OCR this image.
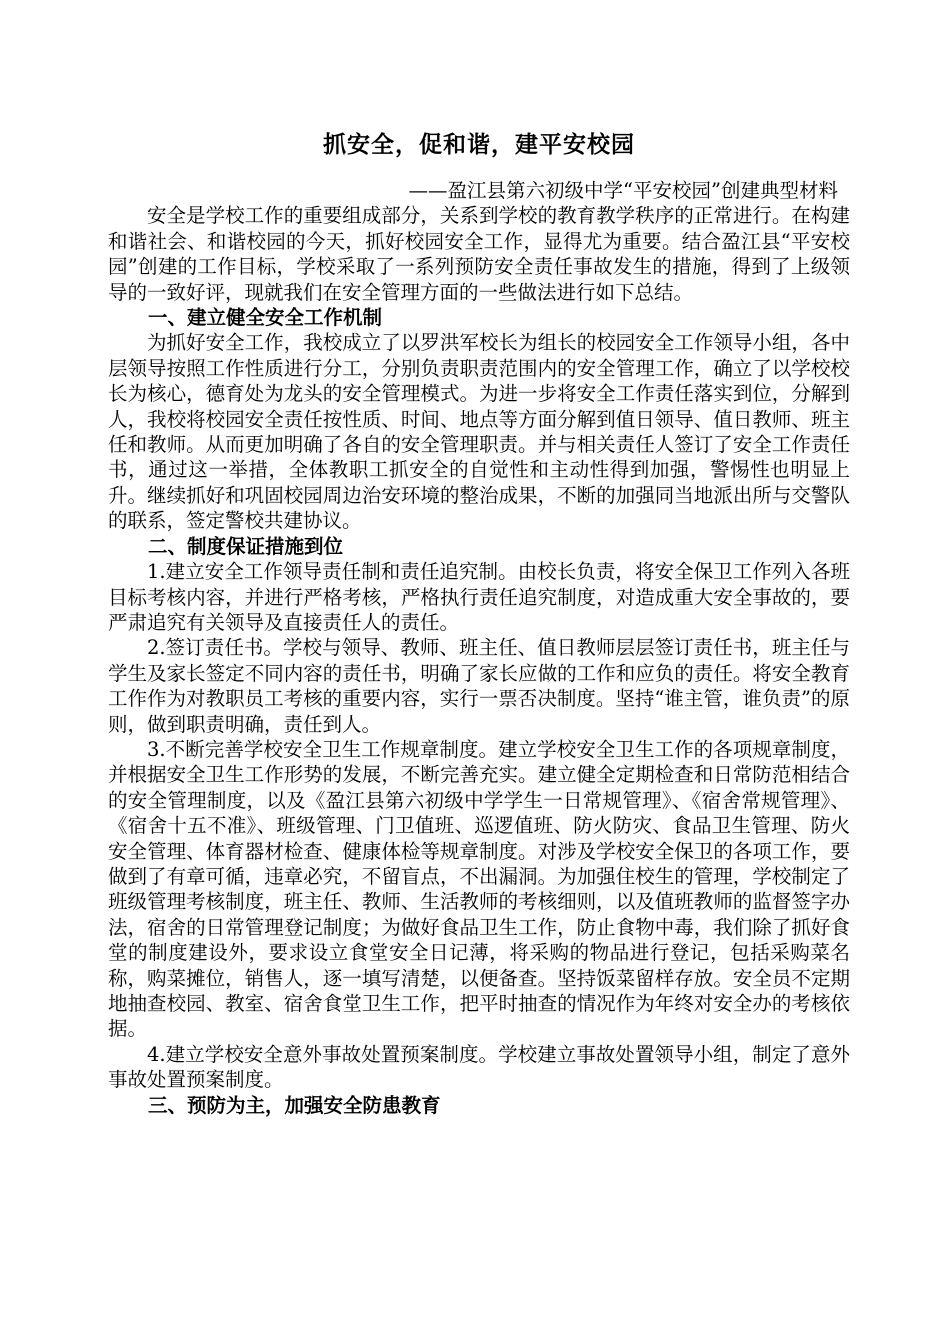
抓安全，促和谐，建平安校园

——盈江县第六初级中学“平安校园”创建典型材料

安全是学校工作的重要组成部分，关系到学校的教育教学秩序的正常进行。在构建和谐社会、和谐校园的今天，抓好校园安全工作，显得尤为重要。结合盈江县“平安校园”创建的工作目标，学校采取了一系列预防安全责任事故发生的措施，得到了上级领导的一致好评，现就我们在安全管理方面的一些做法进行如下总结。

一、建立健全安全工作机制

为抓好安全工作，我校成立了以罗洪军校长为组长的校园安全工作领导小组，各中层领导按照工作性质进行分工，分别负责职责范围内的安全管理工作，确立了以学校校长为核心，德育处为龙头的安全管理模式。为进一步将安全工作责任落实到位，分解到人，我校将校园安全责任按性质、时间、地点等方面分解到值日领导、值日教师、班主任和教师。从而更加明确了各自的安全管理职责。并与相关责任人签订了安全工作责任书，通过这一举措，全体教职工抓安全的自觉性和主动性得到加强，警惕性也明显上升。继续抓好和巩固校园周边治安环境的整治成果，不断的加强同当地派出所与交警队的联系，签定警校共建协议。

二、制度保证措施到位

1.建立安全工作领导责任制和责任追究制。由校长负责，将安全保卫工作列入各班目标考核内容，并进行严格考核，严格执行责任追究制度，对造成重大安全事故的，要严肃追究有关领导及直接责任人的责任。

2.签订责任书。学校与领导、教师、班主任、值日教师层层签订责任书，班主任与学生及家长签定不同内容的责任书，明确了家长应做的工作和应负的责任。将安全教育工作作为对教职员工考核的重要内容，实行一票否决制度。坚持“谁主管，谁负责”的原则，做到职责明确，责任到人。

3.不断完善学校安全卫生工作规章制度。建立学校安全卫生工作的各项规章制度，并根据安全卫生工作形势的发展，不断完善充实。建立健全定期检查和日常防范相结合的安全管理制度，以及《盈江县第六初级中学学生一日常规管理》、《宿舍常规管理》、《宿舍十五不准》、班级管理、门卫值班、巡逻值班、防火防灾、食品卫生管理、防火安全管理、体育器材检查、健康体检等规章制度。对涉及学校安全保卫的各项工作，要做到了有章可循，违章必究，不留盲点，不出漏洞。为加强住校生的管理，学校制定了班级管理考核制度，班主任、教师、生活教师的考核细则，以及值班教师的监督签字办法，宿舍的日常管理登记制度；为做好食品卫生工作，防止食物中毒，我们除了抓好食堂的制度建设外，要求设立食堂安全日记薄，将采购的物品进行登记，包括采购菜名称，购菜摊位，销售人，逐一填写清楚，以便备查。坚持饭菜留样存放。安全员不定期地抽查校园、教室、宿舍食堂卫生工作，把平时抽查的情况作为年终对安全办的考核依据。

4.建立学校安全意外事故处置预案制度。学校建立事故处置领导小组，制定了意外事故处置预案制度。

三、预防为主，加强安全防患教育
